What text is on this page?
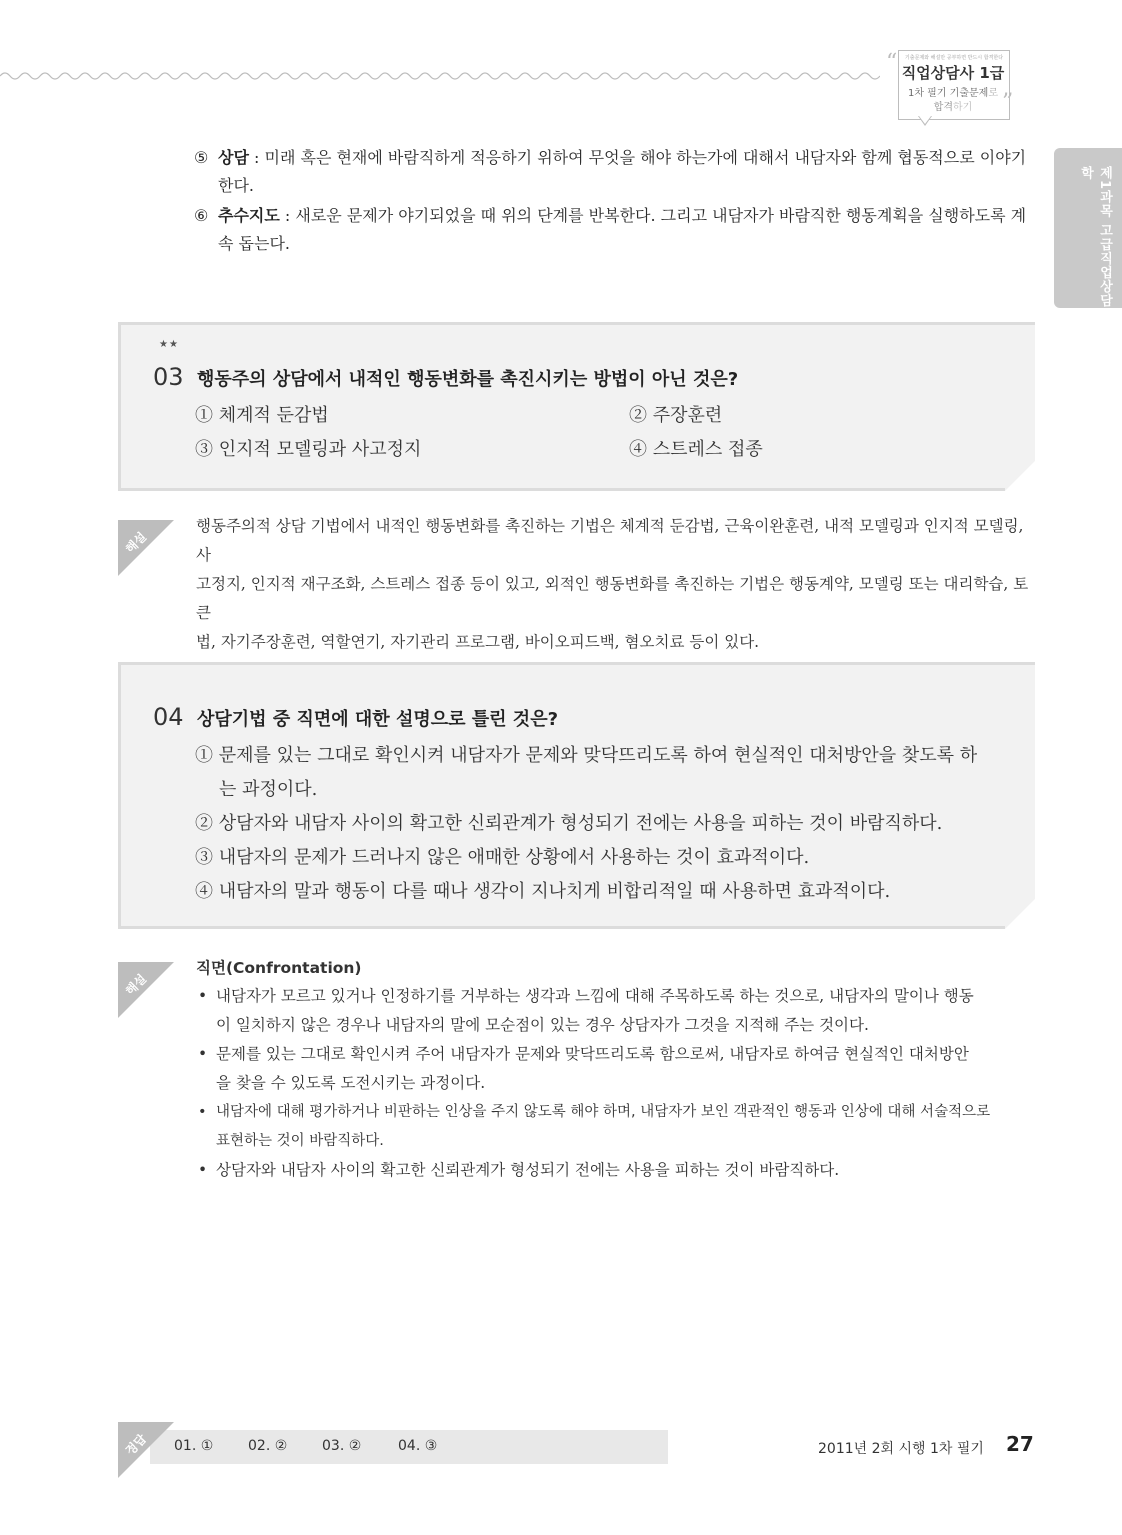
“
”
기출문제와 해설만 공부하면 반드시 합격한다
직업상담사 1급
1차 필기 기출문제로
합격하기
제1과목 고급직업상담학
⑤ 상담 : 미래 혹은 현재에 바람직하게 적응하기 위하여 무엇을 해야 하는가에 대해서 내담자와 함께 협동적으로 이야기
한다.
⑥ 추수지도 : 새로운 문제가 야기되었을 때 위의 단계를 반복한다. 그리고 내담자가 바람직한 행동계획을 실행하도록 계
속 돕는다.
★★
03 행동주의 상담에서 내적인 행동변화를 촉진시키는 방법이 아닌 것은?
① 체계적 둔감법	② 주장훈련
③ 인지적 모델링과 사고정지	④ 스트레스 접종
해설
행동주의적 상담 기법에서 내적인 행동변화를 촉진하는 기법은 체계적 둔감법, 근육이완훈련, 내적 모델링과 인지적 모델링, 사
고정지, 인지적 재구조화, 스트레스 접종 등이 있고, 외적인 행동변화를 촉진하는 기법은 행동계약, 모델링 또는 대리학습, 토큰
법, 자기주장훈련, 역할연기, 자기관리 프로그램, 바이오피드백, 혐오치료 등이 있다.
04 상담기법 중 직면에 대한 설명으로 틀린 것은?
① 문제를 있는 그대로 확인시켜 내담자가 문제와 맞닥뜨리도록 하여 현실적인 대처방안을 찾도록 하
는 과정이다.
② 상담자와 내담자 사이의 확고한 신뢰관계가 형성되기 전에는 사용을 피하는 것이 바람직하다.
③ 내담자의 문제가 드러나지 않은 애매한 상황에서 사용하는 것이 효과적이다.
④ 내담자의 말과 행동이 다를 때나 생각이 지나치게 비합리적일 때 사용하면 효과적이다.
해설
직면(Confrontation)
• 내담자가 모르고 있거나 인정하기를 거부하는 생각과 느낌에 대해 주목하도록 하는 것으로, 내담자의 말이나 행동
이 일치하지 않은 경우나 내담자의 말에 모순점이 있는 경우 상담자가 그것을 지적해 주는 것이다.
• 문제를 있는 그대로 확인시켜 주어 내담자가 문제와 맞닥뜨리도록 함으로써, 내담자로 하여금 현실적인 대처방안
을 찾을 수 있도록 도전시키는 과정이다.
• 내담자에 대해 평가하거나 비판하는 인상을 주지 않도록 해야 하며, 내담자가 보인 객관적인 행동과 인상에 대해 서술적으로
표현하는 것이 바람직하다.
• 상담자와 내담자 사이의 확고한 신뢰관계가 형성되기 전에는 사용을 피하는 것이 바람직하다.
정답 01. ① 02. ② 03. ②	04. ③	2011년 2회 시행 1차 필기 27
